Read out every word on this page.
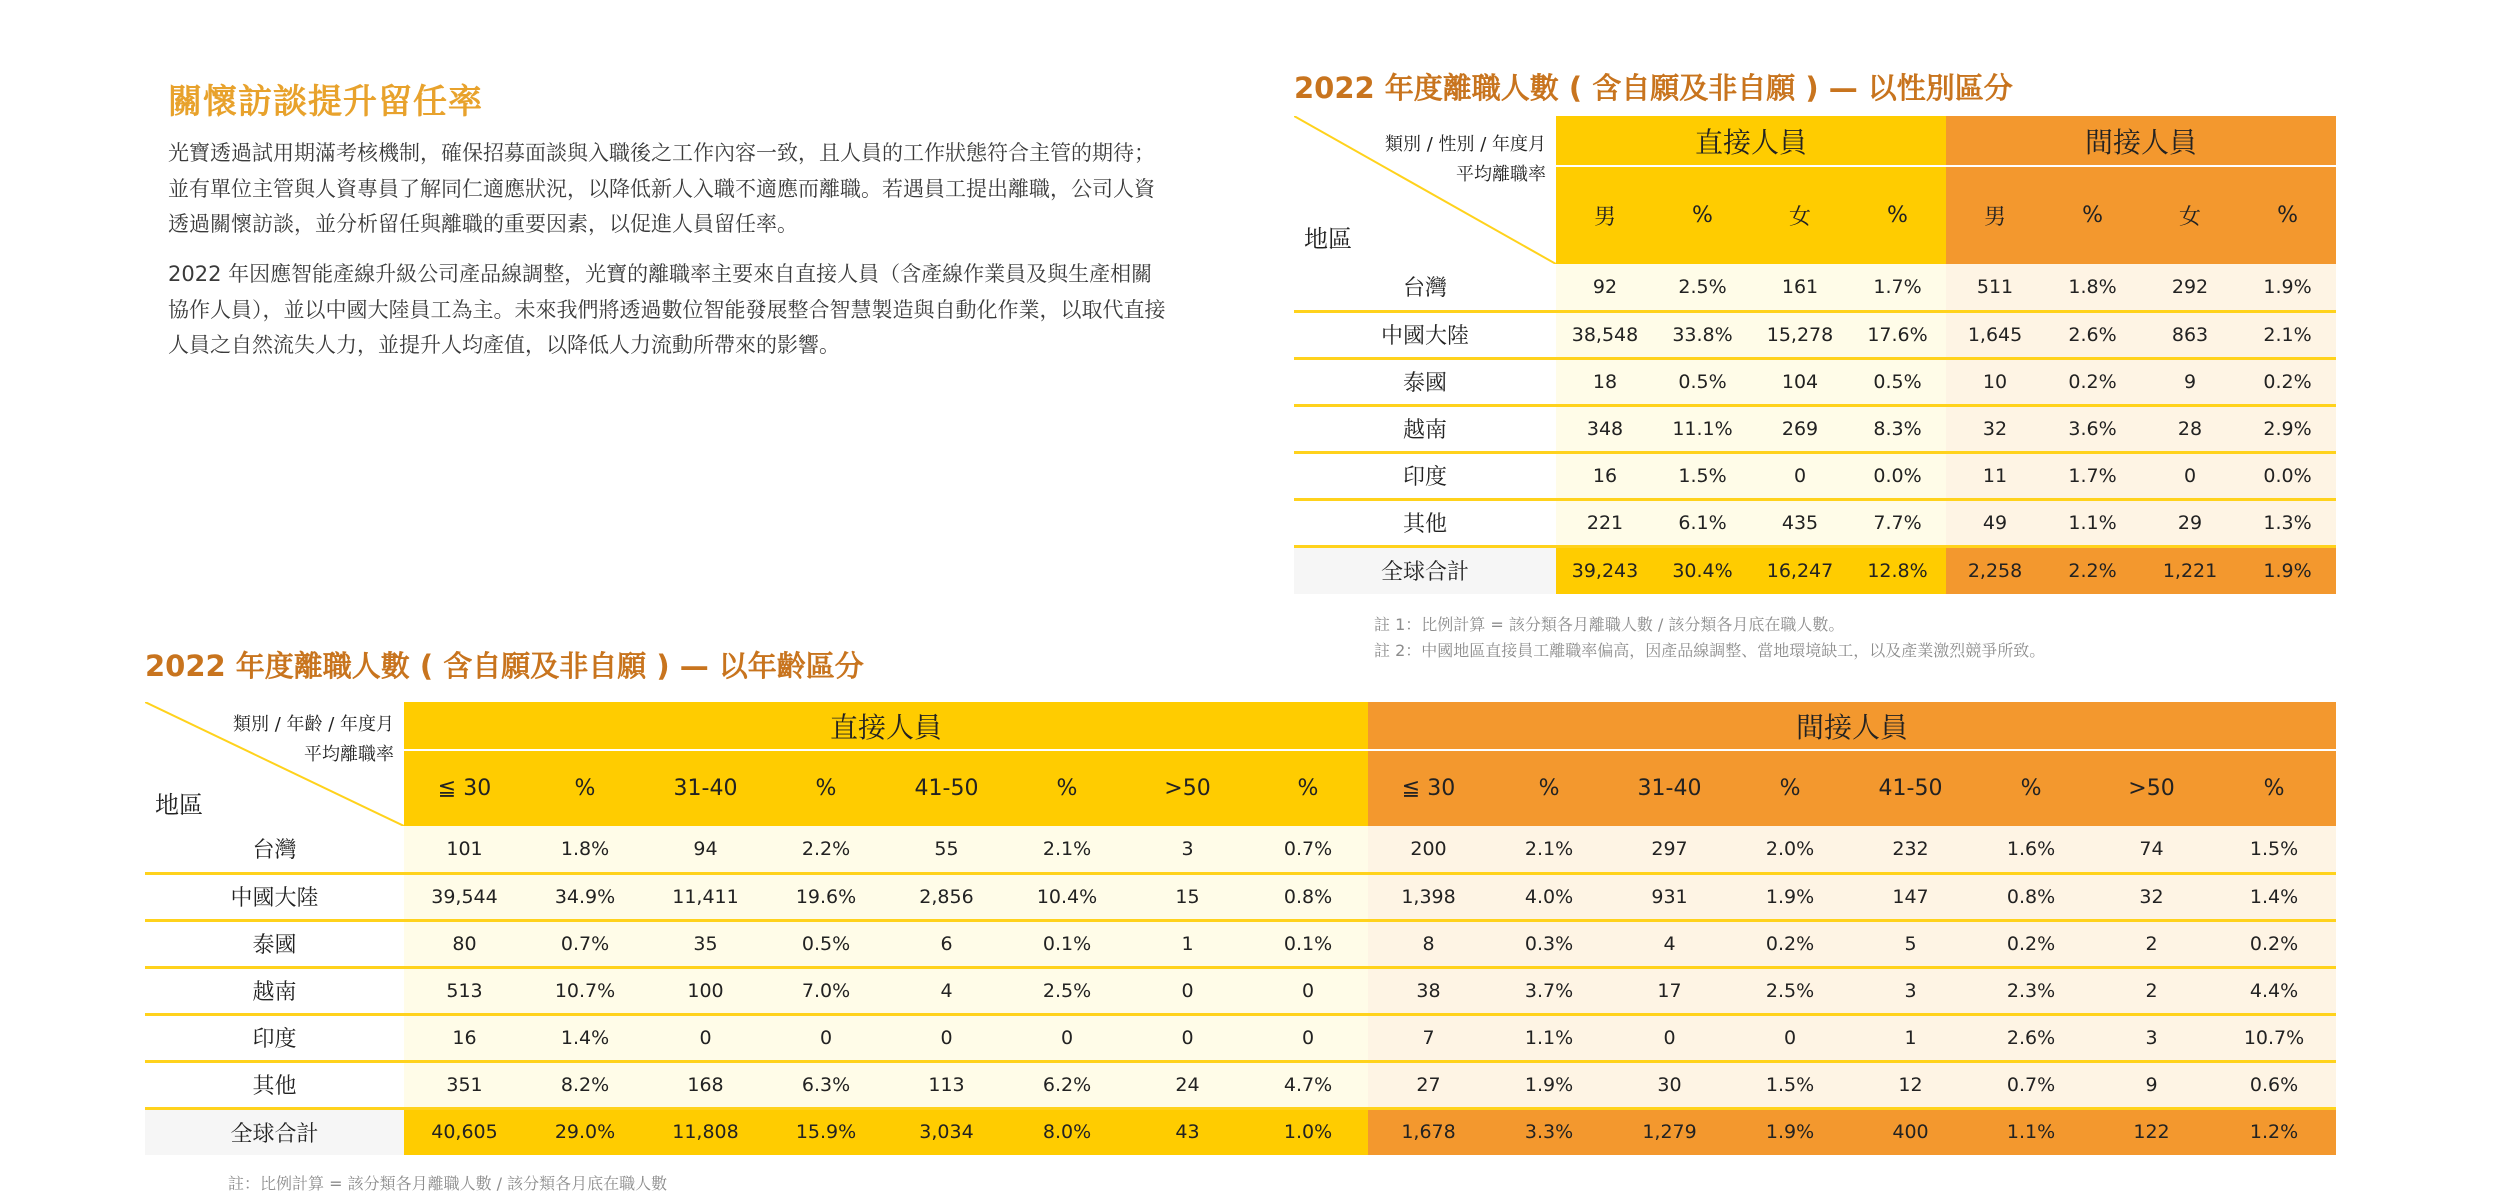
關懷訪談提升留任率

光寶透過試用期滿考核機制，確保招募面談與入職後之工作內容一致，且人員的工作狀態符合主管的期待；並有單位主管與人資專員了解同仁適應狀況，以降低新人入職不適應而離職。若遇員工提出離職，公司人資透過關懷訪談，並分析留任與離職的重要因素，以促進人員留任率。

2022 年因應智能產線升級公司產品線調整，光寶的離職率主要來自直接人員（含產線作業員及與生產相關協作人員），並以中國大陸員工為主。未來我們將透過數位智能發展整合智慧製造與自動化作業，以取代直接人員之自然流失人力，並提升人均產值，以降低人力流動所帶來的影響。

2022 年度離職人數 ( 含自願及非自願 ) — 以性別區分
類別 / 性別 / 年度月
平均離職率
地區	直接人員				間接人員			
	男	%	女	%	男	%	女	%
台灣	92	2.5%	161	1.7%	511	1.8%	292	1.9%
中國大陸	38,548	33.8%	15,278	17.6%	1,645	2.6%	863	2.1%
泰國	18	0.5%	104	0.5%	10	0.2%	9	0.2%
越南	348	11.1%	269	8.3%	32	3.6%	28	2.9%
印度	16	1.5%	0	0.0%	11	1.7%	0	0.0%
其他	221	6.1%	435	7.7%	49	1.1%	29	1.3%
全球合計	39,243	30.4%	16,247	12.8%	2,258	2.2%	1,221	1.9%
註 1：比例計算 = 該分類各月離職人數 / 該分類各月底在職人數。
註 2：中國地區直接員工離職率偏高，因產品線調整、當地環境缺工，以及產業激烈競爭所致。
2022 年度離職人數 ( 含自願及非自願 ) — 以年齡區分
類別 / 年齡 / 年度月
平均離職率
地區	直接人員								間接人員							
	≦ 30	%	31-40	%	41-50	%	>50	%	≦ 30	%	31-40	%	41-50	%	>50	%
台灣	101	1.8%	94	2.2%	55	2.1%	3	0.7%	200	2.1%	297	2.0%	232	1.6%	74	1.5%
中國大陸	39,544	34.9%	11,411	19.6%	2,856	10.4%	15	0.8%	1,398	4.0%	931	1.9%	147	0.8%	32	1.4%
泰國	80	0.7%	35	0.5%	6	0.1%	1	0.1%	8	0.3%	4	0.2%	5	0.2%	2	0.2%
越南	513	10.7%	100	7.0%	4	2.5%	0	0	38	3.7%	17	2.5%	3	2.3%	2	4.4%
印度	16	1.4%	0	0	0	0	0	0	7	1.1%	0	0	1	2.6%	3	10.7%
其他	351	8.2%	168	6.3%	113	6.2%	24	4.7%	27	1.9%	30	1.5%	12	0.7%	9	0.6%
全球合計	40,605	29.0%	11,808	15.9%	3,034	8.0%	43	1.0%	1,678	3.3%	1,279	1.9%	400	1.1%	122	1.2%
註：比例計算 = 該分類各月離職人數 / 該分類各月底在職人數
